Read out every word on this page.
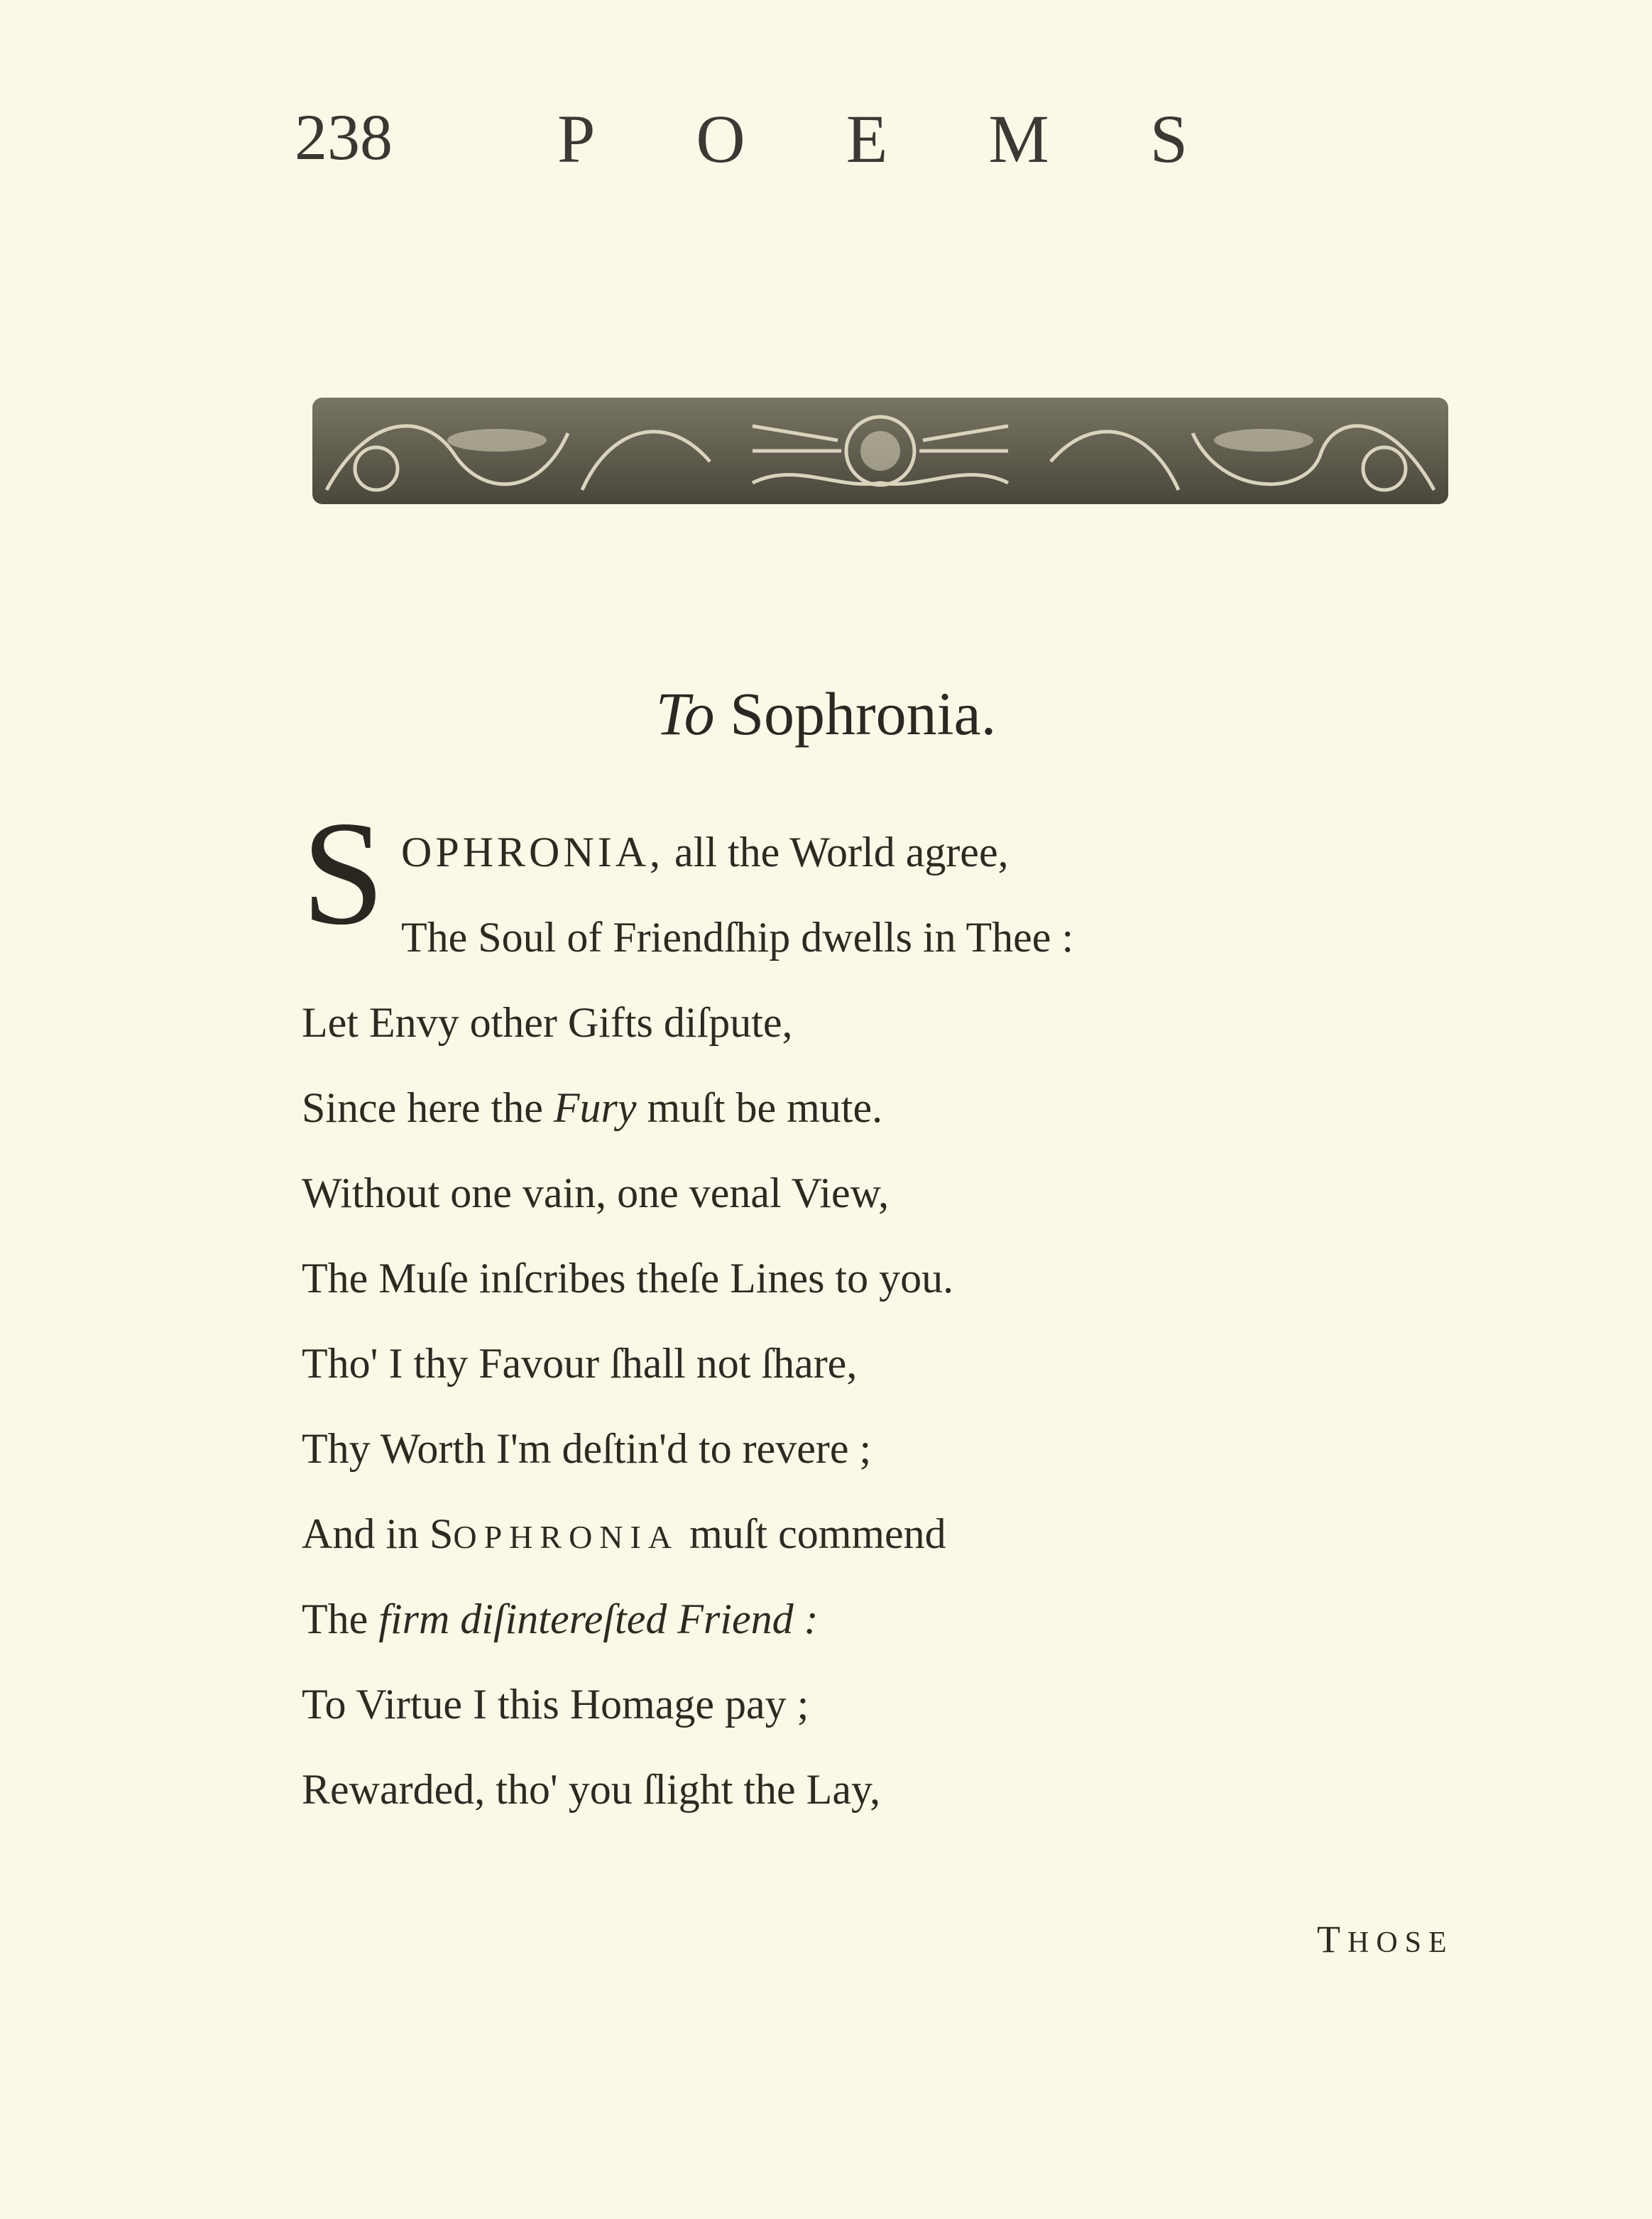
238 POEMS
To Sophronia.
S OPHRONIA, all the World agree,
The Soul of Friendſhip dwells in Thee :
Let Envy other Gifts diſpute,
Since here the Fury muſt be mute.
Without one vain, one venal View,
The Muſe inſcribes theſe Lines to you.
Tho' I thy Favour ſhall not ſhare,
Thy Worth I'm deſtin'd to revere ;
And in SOPHRONIA muſt commend
The firm diſintereſted Friend :
To Virtue I this Homage pay ;
Rewarded, tho' you ſlight the Lay,
THOSE
